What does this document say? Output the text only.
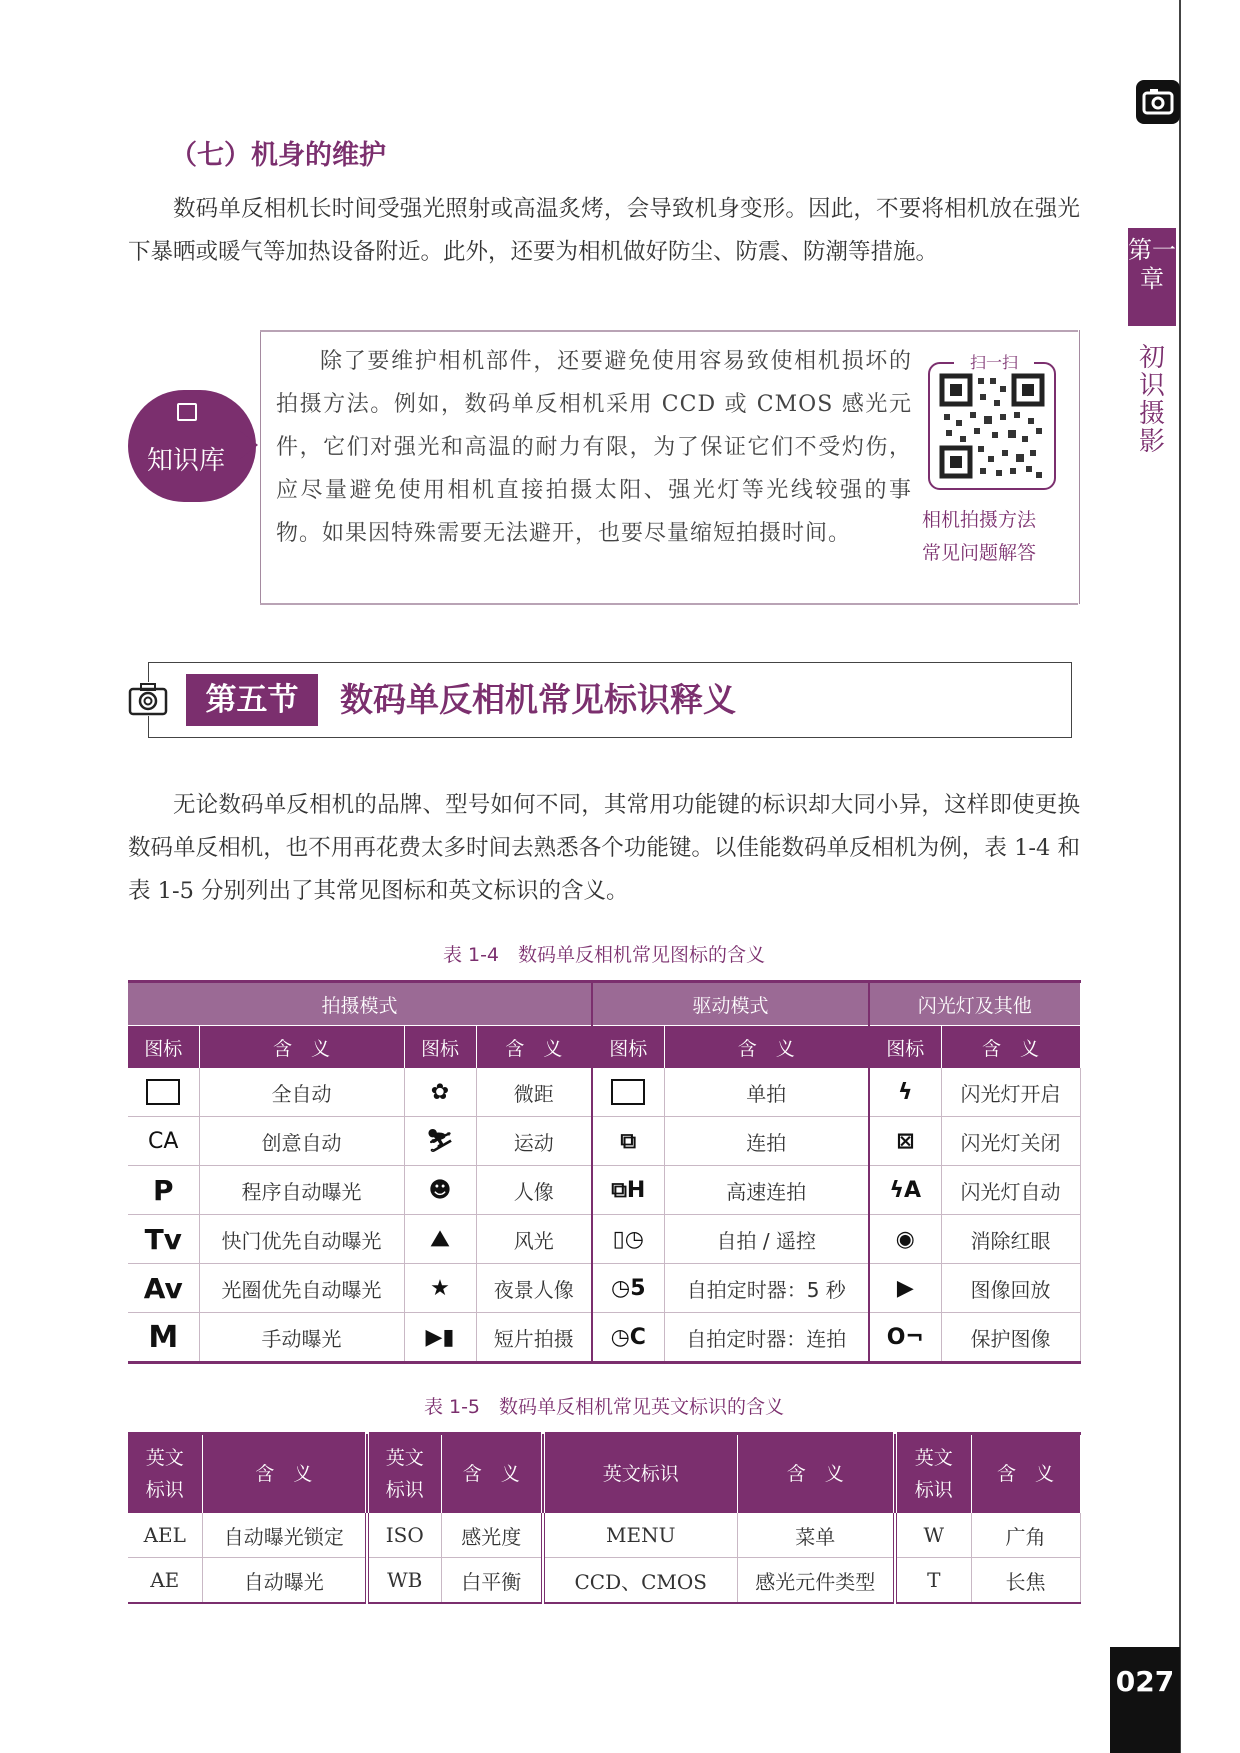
第一章
初识摄影
027
（七）机身的维护

数码单反相机长时间受强光照射或高温炙烤，会导致机身变形。因此，不要将相机放在强光下暴晒或暖气等加热设备附近。此外，还要为相机做好防尘、防震、防潮等措施。

知识库

除了要维护相机部件，还要避免使用容易致使相机损坏的拍摄方法。例如，数码单反相机采用 CCD 或 CMOS 感光元件，它们对强光和高温的耐力有限，为了保证它们不受灼伤，应尽量避免使用相机直接拍摄太阳、强光灯等光线较强的事物。如果因特殊需要无法避开，也要尽量缩短拍摄时间。

扫一扫
相机拍摄方法
常见问题解答
第五节	数码单反相机常见标识释义

无论数码单反相机的品牌、型号如何不同，其常用功能键的标识却大同小异，这样即使更换数码单反相机，也不用再花费太多时间去熟悉各个功能键。以佳能数码单反相机为例，表 1-4 和表 1-5 分别列出了其常见图标和英文标识的含义。

表 1-4　数码单反相机常见图标的含义
拍摄模式				驱动模式		闪光灯及其他	
图标	含　义	图标	含　义	图标	含　义	图标	含　义
	全自动	✿	微距		单拍	ϟ	闪光灯开启
CA	创意自动	⛷	运动	⧉	连拍	⊠	闪光灯关闭
P	程序自动曝光	☻	人像	⧉H	高速连拍	ϟA	闪光灯自动
Tv	快门优先自动曝光	⛰	风光	▯◷	自拍 / 遥控	◉	消除红眼
Av	光圈优先自动曝光	★	夜景人像	◷5	自拍定时器：5 秒	▶	图像回放
M	手动曝光	▶▮	短片拍摄	◷C	自拍定时器：连拍	O¬	保护图像
表 1-5　数码单反相机常见英文标识的含义
英文标识	含　义	英文标识	含　义	英文标识	含　义	英文标识	含　义
AEL	自动曝光锁定	ISO	感光度	MENU	菜单	W	广角
AE	自动曝光	WB	白平衡	CCD、CMOS	感光元件类型	T	长焦
